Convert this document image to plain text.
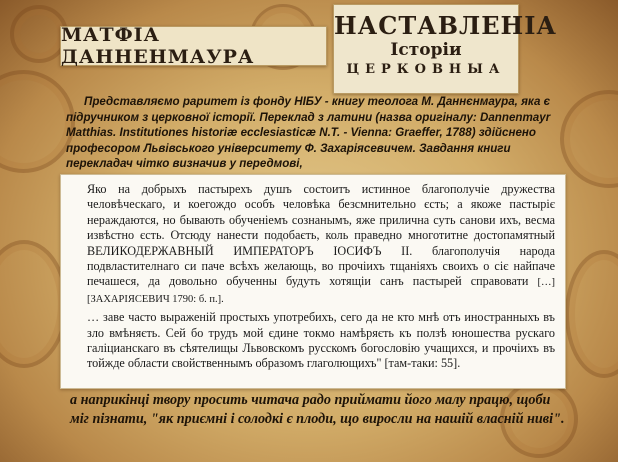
МАТФІА ДАННЕНМАУРА
НАСТАВЛЕНІА
Історіи
ЦЕРКОВНЫА

Представляємо раритет із фонду НІБУ - книгу теолога М. Даннєнмаура, яка є підручником з церковної історії. Переклад з латини (назва оригіналу: Dannenmayr Matthias. Institutiones historiæ ecclesiasticæ N.T. - Vienna: Graeffer, 1788) здійснено професором Львівського університету Ф. Захаріясевичем. Завдання книги перекладач чітко визначив у передмові,

Яко на добрыхъ пастырехъ душъ состоитъ истинное благополучіе дружества человѣческаго, и коегождо особъ человѣка безсмнительно єсть; а якоже пастыріє нераждаются, но бывають обученіемъ сознанымъ, яже прилична суть санови ихъ, весма извѣстно єсть. Отсюду нанести подобаєть, коль праведно многотитне достопамятный ВЕЛИКОДЕРЖАВНЫЙ ИМПЕРАТОРЪ ІОСИФЪ II. благополучія народа подвластителнаго си паче всѣхъ желающь, во прочіихъ тщаніяхъ своихъ о сіє найпаче печашеся, да довольно обученны будуть хотящіи санъ пастырей справовати […] [ЗАХАРІЯСЕВИЧ 1790: б. п.].

… заве часто выраженій простыхъ употребихъ, сего да не кто мнѣ отъ иностранныхъ въ зло вмѣняєть. Сей бо трудъ мой єдине токмо намѣряєть къ ползѣ юношества рускаго галіцианскаго въ сѣятелищы Львовскомъ русскомъ богословію учащихся, и прочіихъ въ тойжде области свойственнымъ образомъ глаголющихъ" [там-таки: 55].

а наприкінці твору просить читача радо приймати його малу працю, щоби міг пізнати, "як приємні і солодкі є плоди, що виросли на нашій власній ниві".
